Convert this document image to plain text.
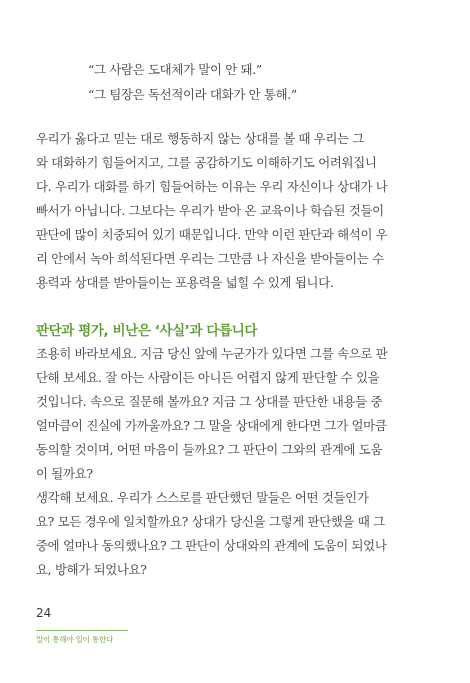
“그 사람은 도대체가 말이 안 돼.”
“그 팀장은 독선적이라 대화가 안 통해.”
우리가 옳다고 믿는 대로 행동하지 않는 상대를 볼 때 우리는 그
와 대화하기 힘들어지고, 그를 공감하기도 이해하기도 어려워집니
다. 우리가 대화를 하기 힘들어하는 이유는 우리 자신이나 상대가 나
빠서가 아닙니다. 그보다는 우리가 받아 온 교육이나 학습된 것들이
판단에 많이 치중되어 있기 때문입니다. 만약 이런 판단과 해석이 우
리 안에서 녹아 희석된다면 우리는 그만큼 나 자신을 받아들이는 수
용력과 상대를 받아들이는 포용력을 넓힐 수 있게 됩니다.
판단과 평가, 비난은 ‘사실’과 다릅니다
조용히 바라보세요. 지금 당신 앞에 누군가가 있다면 그를 속으로 판
단해 보세요. 잘 아는 사람이든 아니든 어렵지 않게 판단할 수 있을
것입니다. 속으로 질문해 볼까요? 지금 그 상대를 판단한 내용들 중
얼마큼이 진실에 가까울까요? 그 말을 상대에게 한다면 그가 얼마큼
동의할 것이며, 어떤 마음이 들까요? 그 판단이 그와의 관계에 도움
이 될까요?
생각해 보세요. 우리가 스스로를 판단했던 말들은 어떤 것들인가
요? 모든 경우에 일치할까요? 상대가 당신을 그렇게 판단했을 때 그
중에 얼마나 동의했나요? 그 판단이 상대와의 관계에 도움이 되었나
요, 방해가 되었나요?
24
말이 통해야 일이 통한다
